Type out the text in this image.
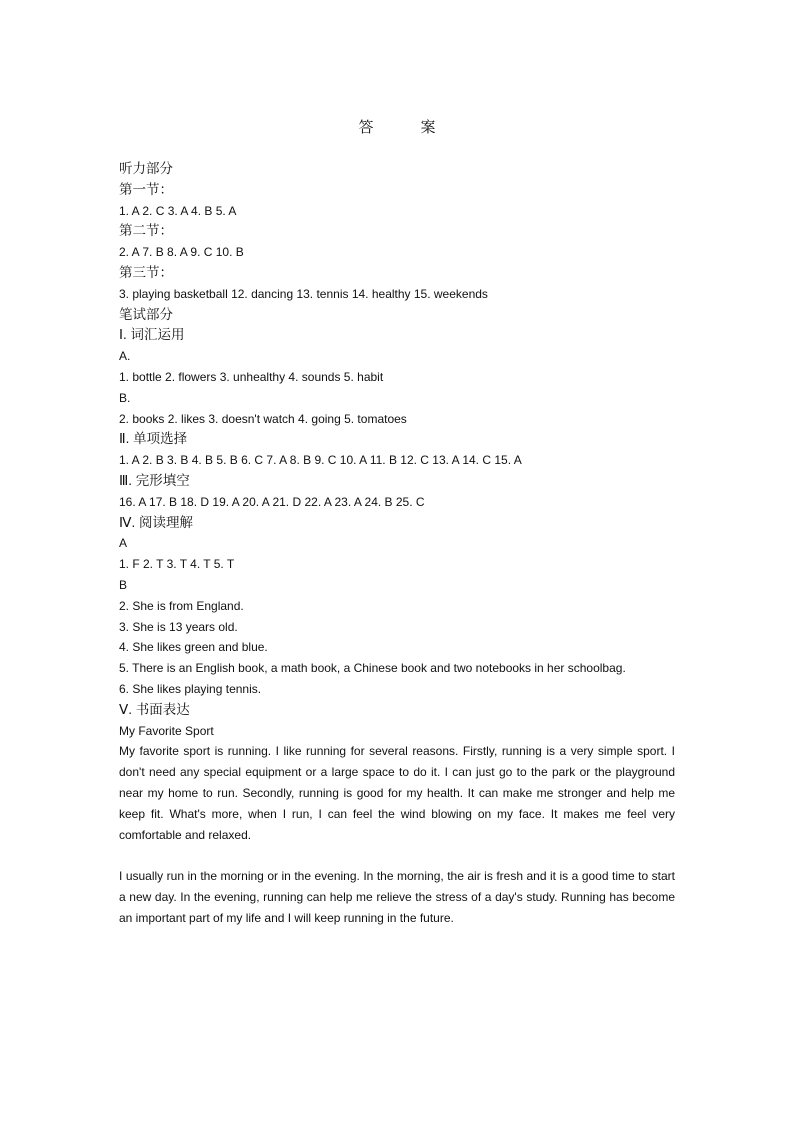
答　案
听力部分
第一节：
1. A 2. C 3. A 4. B 5. A
第二节：
2. A 7. B 8. A 9. C 10. B
第三节：
3. playing basketball 12. dancing 13. tennis 14. healthy 15. weekends
笔试部分
Ⅰ. 词汇运用
A.
1. bottle 2. flowers 3. unhealthy 4. sounds 5. habit
B.
2. books 2. likes 3. doesn't watch 4. going 5. tomatoes
Ⅱ. 单项选择
1. A 2. B 3. B 4. B 5. B 6. C 7. A 8. B 9. C 10. A 11. B 12. C 13. A 14. C 15. A
Ⅲ. 完形填空
16. A 17. B 18. D 19. A 20. A 21. D 22. A 23. A 24. B 25. C
Ⅳ. 阅读理解
A
1. F 2. T 3. T 4. T 5. T
B
2. She is from England.
3. She is 13 years old.
4. She likes green and blue.
5. There is an English book, a math book, a Chinese book and two notebooks in her schoolbag.
6. She likes playing tennis.
Ⅴ. 书面表达
My Favorite Sport

My favorite sport is running. I like running for several reasons. Firstly, running is a very simple sport. I don't need any special equipment or a large space to do it. I can just go to the park or the playground near my home to run. Secondly, running is good for my health. It can make me stronger and help me keep fit. What's more, when I run, I can feel the wind blowing on my face. It makes me feel very comfortable and relaxed.

I usually run in the morning or in the evening. In the morning, the air is fresh and it is a good time to start a new day. In the evening, running can help me relieve the stress of a day's study. Running has become an important part of my life and I will keep running in the future.
